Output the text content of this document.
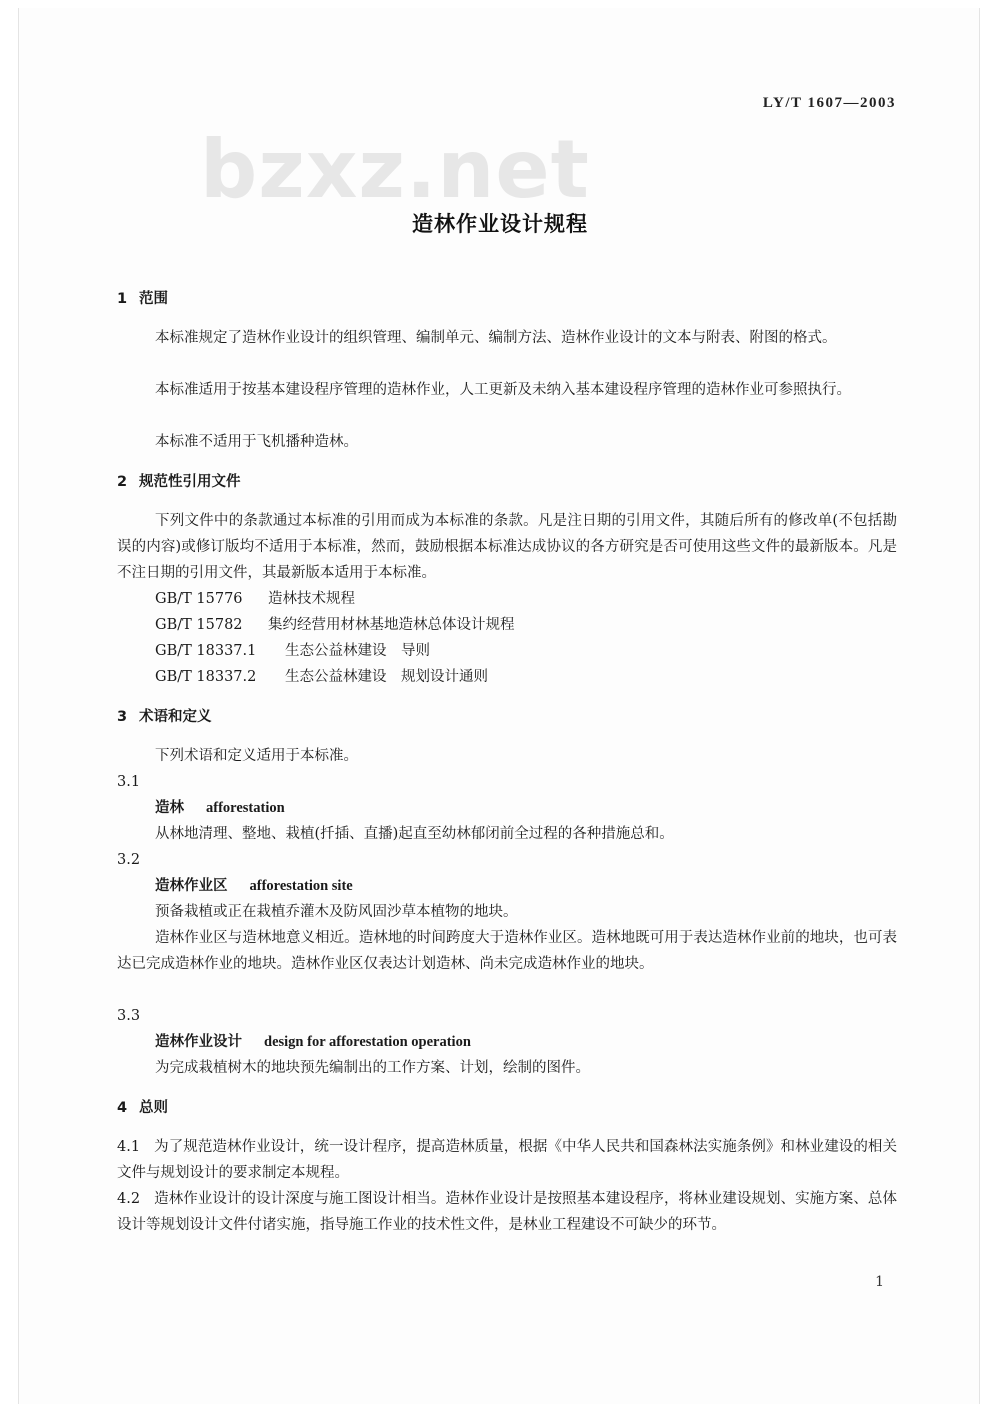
LY/T 1607—2003
bzxz.net
造林作业设计规程
1 范围
本标准规定了造林作业设计的组织管理、编制单元、编制方法、造林作业设计的文本与附表、附图的格式。
本标准适用于按基本建设程序管理的造林作业，人工更新及未纳入基本建设程序管理的造林作业可参照执行。
本标准不适用于飞机播种造林。
2 规范性引用文件
下列文件中的条款通过本标准的引用而成为本标准的条款。凡是注日期的引用文件，其随后所有的修改单(不包括勘误的内容)或修订版均不适用于本标准，然而，鼓励根据本标准达成协议的各方研究是否可使用这些文件的最新版本。凡是不注日期的引用文件，其最新版本适用于本标准。
GB/T 15776 造林技术规程
GB/T 15782 集约经营用材林基地造林总体设计规程
GB/T 18337.1 生态公益林建设　导则
GB/T 18337.2 生态公益林建设　规划设计通则
3 术语和定义
下列术语和定义适用于本标准。
3.1
造林 afforestation
从林地清理、整地、栽植(扦插、直播)起直至幼林郁闭前全过程的各种措施总和。
3.2
造林作业区 afforestation site
预备栽植或正在栽植乔灌木及防风固沙草本植物的地块。
造林作业区与造林地意义相近。造林地的时间跨度大于造林作业区。造林地既可用于表达造林作业前的地块，也可表达已完成造林作业的地块。造林作业区仅表达计划造林、尚未完成造林作业的地块。
3.3
造林作业设计 design for afforestation operation
为完成栽植树木的地块预先编制出的工作方案、计划，绘制的图件。
4 总则
4.1 为了规范造林作业设计，统一设计程序，提高造林质量，根据《中华人民共和国森林法实施条例》和林业建设的相关文件与规划设计的要求制定本规程。
4.2 造林作业设计的设计深度与施工图设计相当。造林作业设计是按照基本建设程序，将林业建设规划、实施方案、总体设计等规划设计文件付诸实施，指导施工作业的技术性文件，是林业工程建设不可缺少的环节。
1
